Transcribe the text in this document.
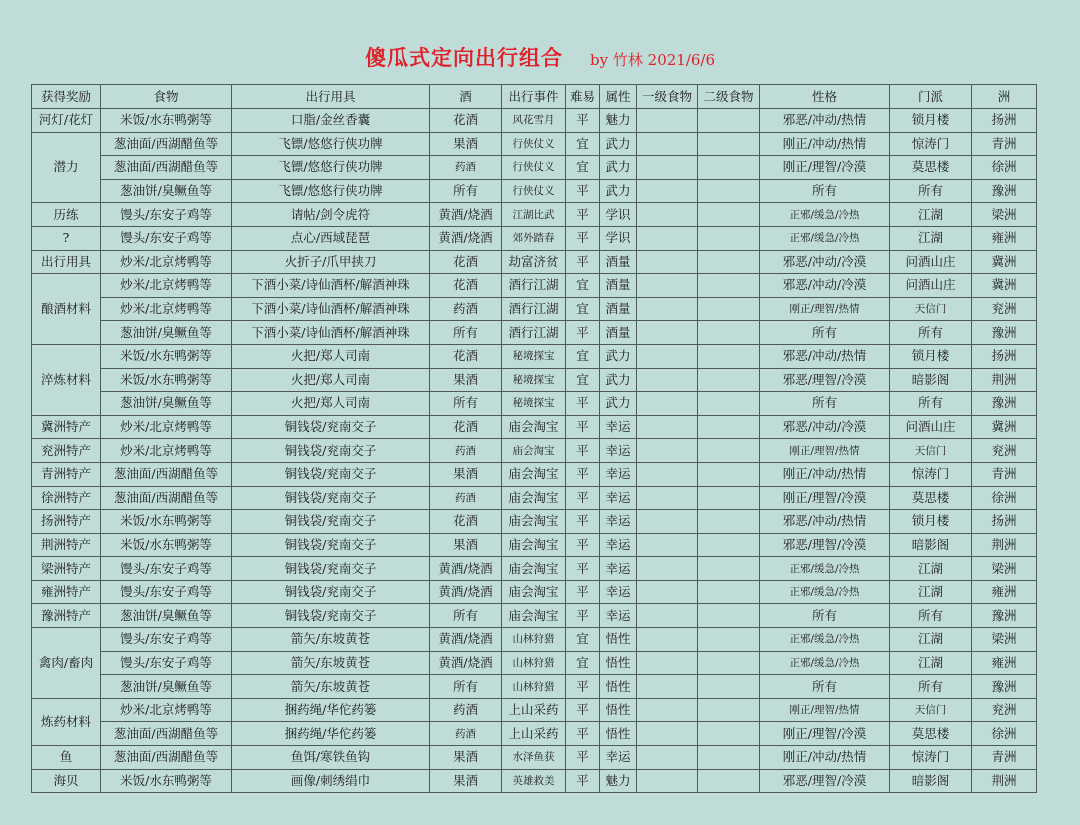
傻瓜式定向出行组合 by 竹林 2021/6/6
获得奖励	食物	出行用具	酒	出行事件	难易	属性	一级食物	二级食物	性格	门派	洲
河灯/花灯	米饭/水东鸭粥等	口脂/金丝香囊	花酒	风花雪月	平	魅力			邪恶/冲动/热情	锁月楼	扬洲
潜力	葱油面/西湖醋鱼等	飞镖/悠悠行侠功牌	果酒	行侠仗义	宜	武力			刚正/冲动/热情	惊涛门	青洲
	葱油面/西湖醋鱼等	飞镖/悠悠行侠功牌	药酒	行侠仗义	宜	武力			刚正/理智/冷漠	莫思楼	徐洲
	葱油饼/臭鳜鱼等	飞镖/悠悠行侠功牌	所有	行侠仗义	平	武力			所有	所有	豫洲
历练	馒头/东安子鸡等	请帖/剑令虎符	黄酒/烧酒	江湖比武	平	学识			正邪/缓急/冷热	江湖	梁洲
?	馒头/东安子鸡等	点心/西域琵琶	黄酒/烧酒	郊外踏春	平	学识			正邪/缓急/冷热	江湖	雍洲
出行用具	炒米/北京烤鸭等	火折子/爪甲挟刀	花酒	劫富济贫	平	酒量			邪恶/冲动/冷漠	问酒山庄	冀洲
酿酒材料	炒米/北京烤鸭等	下酒小菜/诗仙酒杯/解酒神珠	花酒	酒行江湖	宜	酒量			邪恶/冲动/冷漠	问酒山庄	冀洲
	炒米/北京烤鸭等	下酒小菜/诗仙酒杯/解酒神珠	药酒	酒行江湖	宜	酒量			刚正/理智/热情	天信门	兖洲
	葱油饼/臭鳜鱼等	下酒小菜/诗仙酒杯/解酒神珠	所有	酒行江湖	平	酒量			所有	所有	豫洲
淬炼材料	米饭/水东鸭粥等	火把/郑人司南	花酒	秘境探宝	宜	武力			邪恶/冲动/热情	锁月楼	扬洲
	米饭/水东鸭粥等	火把/郑人司南	果酒	秘境探宝	宜	武力			邪恶/理智/冷漠	暗影阁	荆洲
	葱油饼/臭鳜鱼等	火把/郑人司南	所有	秘境探宝	平	武力			所有	所有	豫洲
冀洲特产	炒米/北京烤鸭等	铜钱袋/兖南交子	花酒	庙会淘宝	平	幸运			邪恶/冲动/冷漠	问酒山庄	冀洲
兖洲特产	炒米/北京烤鸭等	铜钱袋/兖南交子	药酒	庙会淘宝	平	幸运			刚正/理智/热情	天信门	兖洲
青洲特产	葱油面/西湖醋鱼等	铜钱袋/兖南交子	果酒	庙会淘宝	平	幸运			刚正/冲动/热情	惊涛门	青洲
徐洲特产	葱油面/西湖醋鱼等	铜钱袋/兖南交子	药酒	庙会淘宝	平	幸运			刚正/理智/冷漠	莫思楼	徐洲
扬洲特产	米饭/水东鸭粥等	铜钱袋/兖南交子	花酒	庙会淘宝	平	幸运			邪恶/冲动/热情	锁月楼	扬洲
荆洲特产	米饭/水东鸭粥等	铜钱袋/兖南交子	果酒	庙会淘宝	平	幸运			邪恶/理智/冷漠	暗影阁	荆洲
梁洲特产	馒头/东安子鸡等	铜钱袋/兖南交子	黄酒/烧酒	庙会淘宝	平	幸运			正邪/缓急/冷热	江湖	梁洲
雍洲特产	馒头/东安子鸡等	铜钱袋/兖南交子	黄酒/烧酒	庙会淘宝	平	幸运			正邪/缓急/冷热	江湖	雍洲
豫洲特产	葱油饼/臭鳜鱼等	铜钱袋/兖南交子	所有	庙会淘宝	平	幸运			所有	所有	豫洲
禽肉/畜肉	馒头/东安子鸡等	箭矢/东坡黄苍	黄酒/烧酒	山林狩猎	宜	悟性			正邪/缓急/冷热	江湖	梁洲
	馒头/东安子鸡等	箭矢/东坡黄苍	黄酒/烧酒	山林狩猎	宜	悟性			正邪/缓急/冷热	江湖	雍洲
	葱油饼/臭鳜鱼等	箭矢/东坡黄苍	所有	山林狩猎	平	悟性			所有	所有	豫洲
炼药材料	炒米/北京烤鸭等	捆药绳/华佗药篓	药酒	上山采药	平	悟性			刚正/理智/热情	天信门	兖洲
	葱油面/西湖醋鱼等	捆药绳/华佗药篓	药酒	上山采药	平	悟性			刚正/理智/冷漠	莫思楼	徐洲
鱼	葱油面/西湖醋鱼等	鱼饵/寒铁鱼钩	果酒	水泽鱼获	平	幸运			刚正/冲动/热情	惊涛门	青洲
海贝	米饭/水东鸭粥等	画像/刺绣绢巾	果酒	英雄救美	平	魅力			邪恶/理智/冷漠	暗影阁	荆洲
